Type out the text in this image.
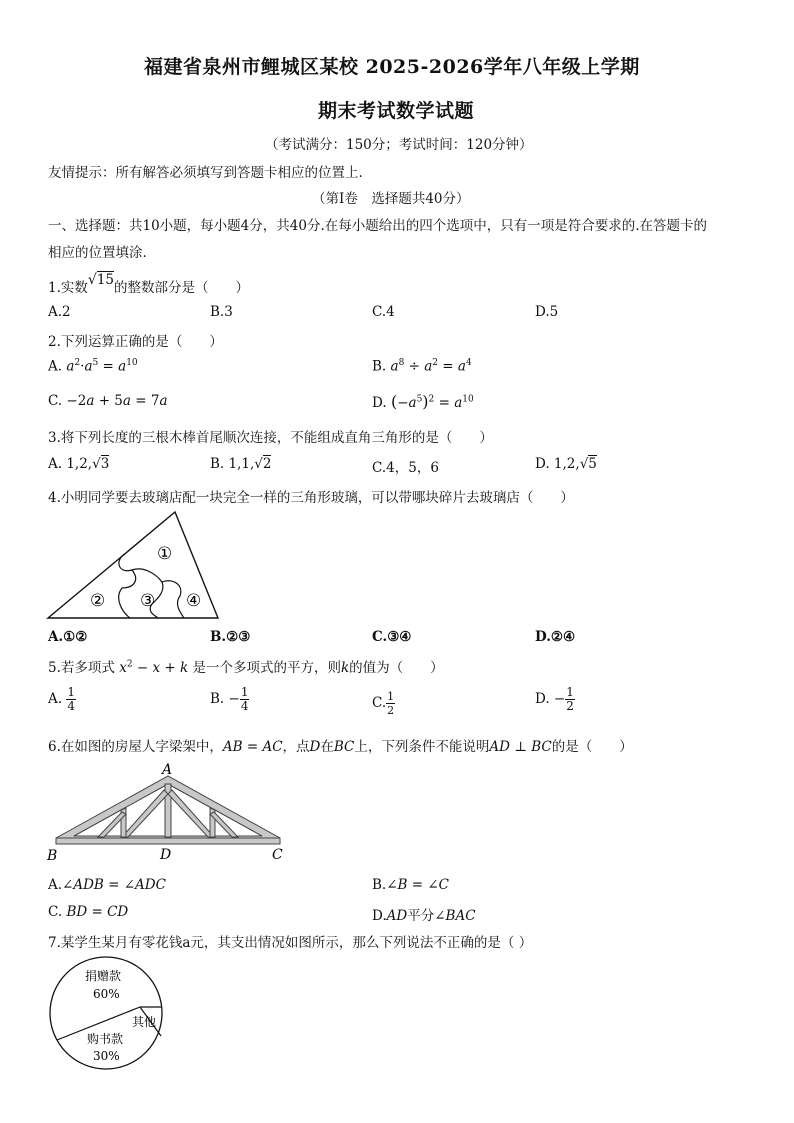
福建省泉州市鲤城区某校 2025-2026学年八年级上学期
期末考试数学试题
（考试满分：150分；考试时间：120分钟）
友情提示：所有解答必须填写到答题卡相应的位置上.
（第Ⅰ卷　选择题共40分）
一、选择题：共10小题，每小题4分，共40分.在每小题给出的四个选项中，只有一项是符合要求的.在答题卡的
相应的位置填涂.
1.实数√15的整数部分是（　　）
A.2	B.3	C.4	D.5
2.下列运算正确的是（　　）
A. $a^2\cdot a^5 = a^{10}$	B. $a^8 \div a^2 = a^4$
C. −2a + 5a = 7a	D. $(-a^5)^2 = a^{10}$
3.将下列长度的三根木棒首尾顺次连接，不能组成直角三角形的是（　　）
A. 1,2,√3	B. 1,1,√2	C.4，5，6	D. 1,2,√5
4.小明同学要去玻璃店配一块完全一样的三角形玻璃，可以带哪块碎片去玻璃店（　　）
①
② ③ ④
A.①②	B.②③	C.③④	D.②④
5.若多项式 $x^2 - x + k$ 是一个多项式的平方，则k的值为（　　）
A. $\frac{1}{4}$	B. − $\frac{1}{4}$	C. $\frac{1}{2}$	D. − $\frac{1}{2}$
6.在如图的房屋人字梁架中，AB = AC，点D在BC上，下列条件不能说明AD ⊥ BC的是（　　）
A
B	D	C
A.∠ADB = ∠ADC	B.∠B = ∠C
C. BD = CD	D.AD平分∠BAC
7.某学生某月有零花钱a元，其支出情况如图所示，那么下列说法不正确的是（ ）
捐赠款
60%
购书款
30%
其他
